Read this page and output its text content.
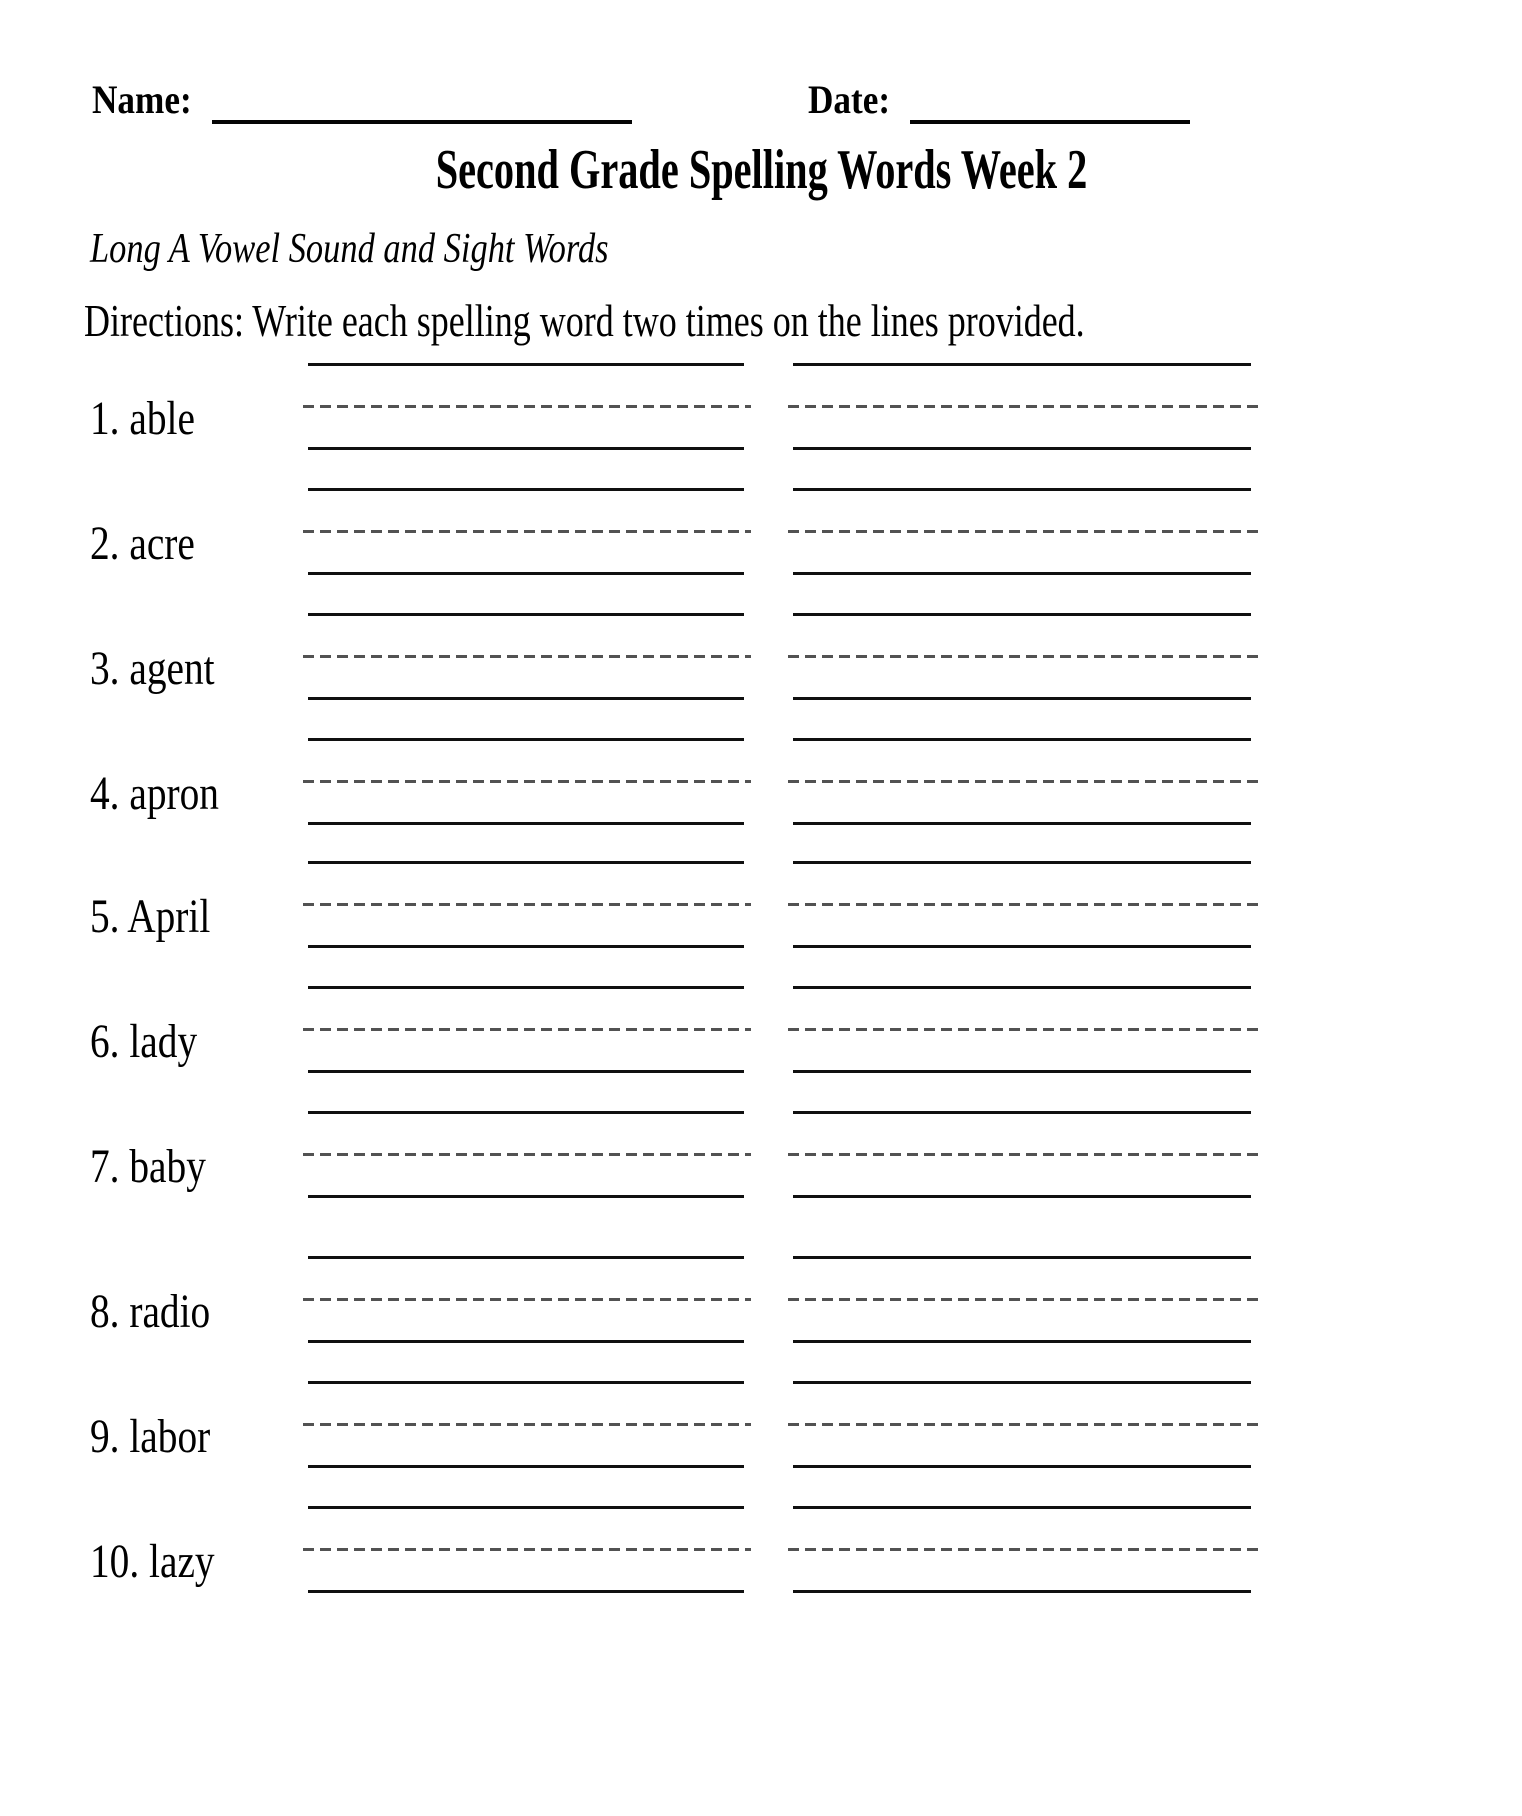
Name:	Date:
Second Grade Spelling Words Week 2
Long A Vowel Sound and Sight Words
Directions: Write each spelling word two times on the lines provided.
1. able
2. acre
3. agent
4. apron
5. April
6. lady
7. baby
8. radio
9. labor
10. lazy
